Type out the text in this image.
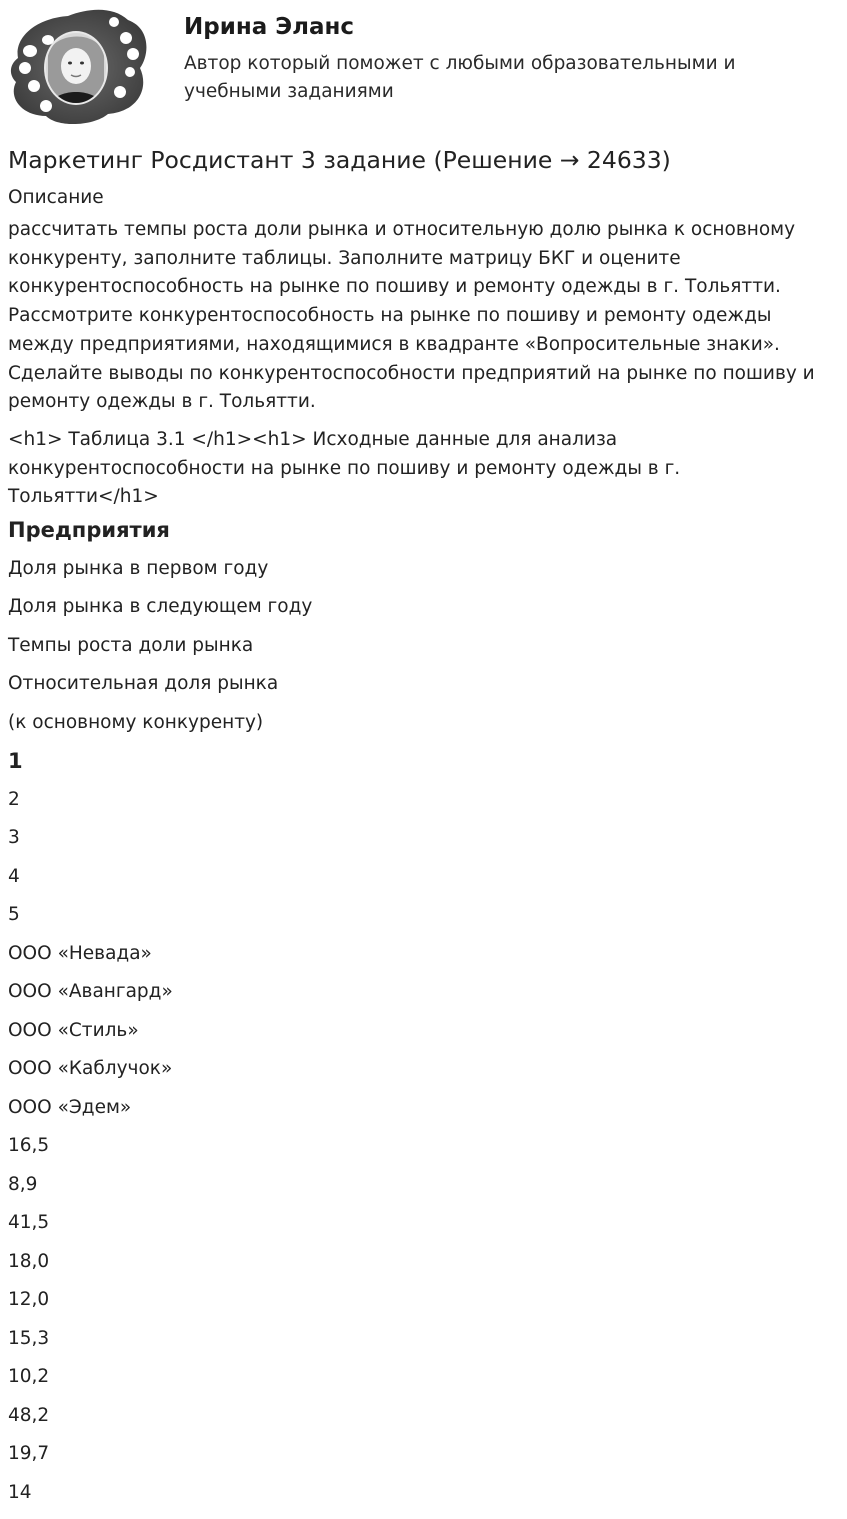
Ирина Эланс
Автор который поможет с любыми образовательными и учебными заданиями
Маркетинг Росдистант 3 задание (Решение → 24633)
Описание
рассчитать темпы роста доли рынка и относительную долю рынка к основному конкуренту, заполните таблицы. Заполните матрицу БКГ и оцените конкурентоспособность на рынке по пошиву и ремонту одежды в г. Тольятти. Рассмотрите конкурентоспособность на рынке по пошиву и ремонту одежды между предприятиями, находящимися в квадранте «Вопросительные знаки». Сделайте выводы по конкурентоспособности предприятий на рынке по пошиву и ремонту одежды в г. Тольятти.
<h1> Таблица 3.1 </h1><h1> Исходные данные для анализа конкурентоспособности на рынке по пошиву и ремонту одежды в г. Тольятти</h1>
Предприятия
Доля рынка в первом году
Доля рынка в следующем году
Темпы роста доли рынка
Относительная доля рынка
(к основному конкуренту)
1
2
3
4
5
ООО «Невада»
ООО «Авангард»
ООО «Стиль»
ООО «Каблучок»
ООО «Эдем»
16,5
8,9
41,5
18,0
12,0
15,3
10,2
48,2
19,7
14
